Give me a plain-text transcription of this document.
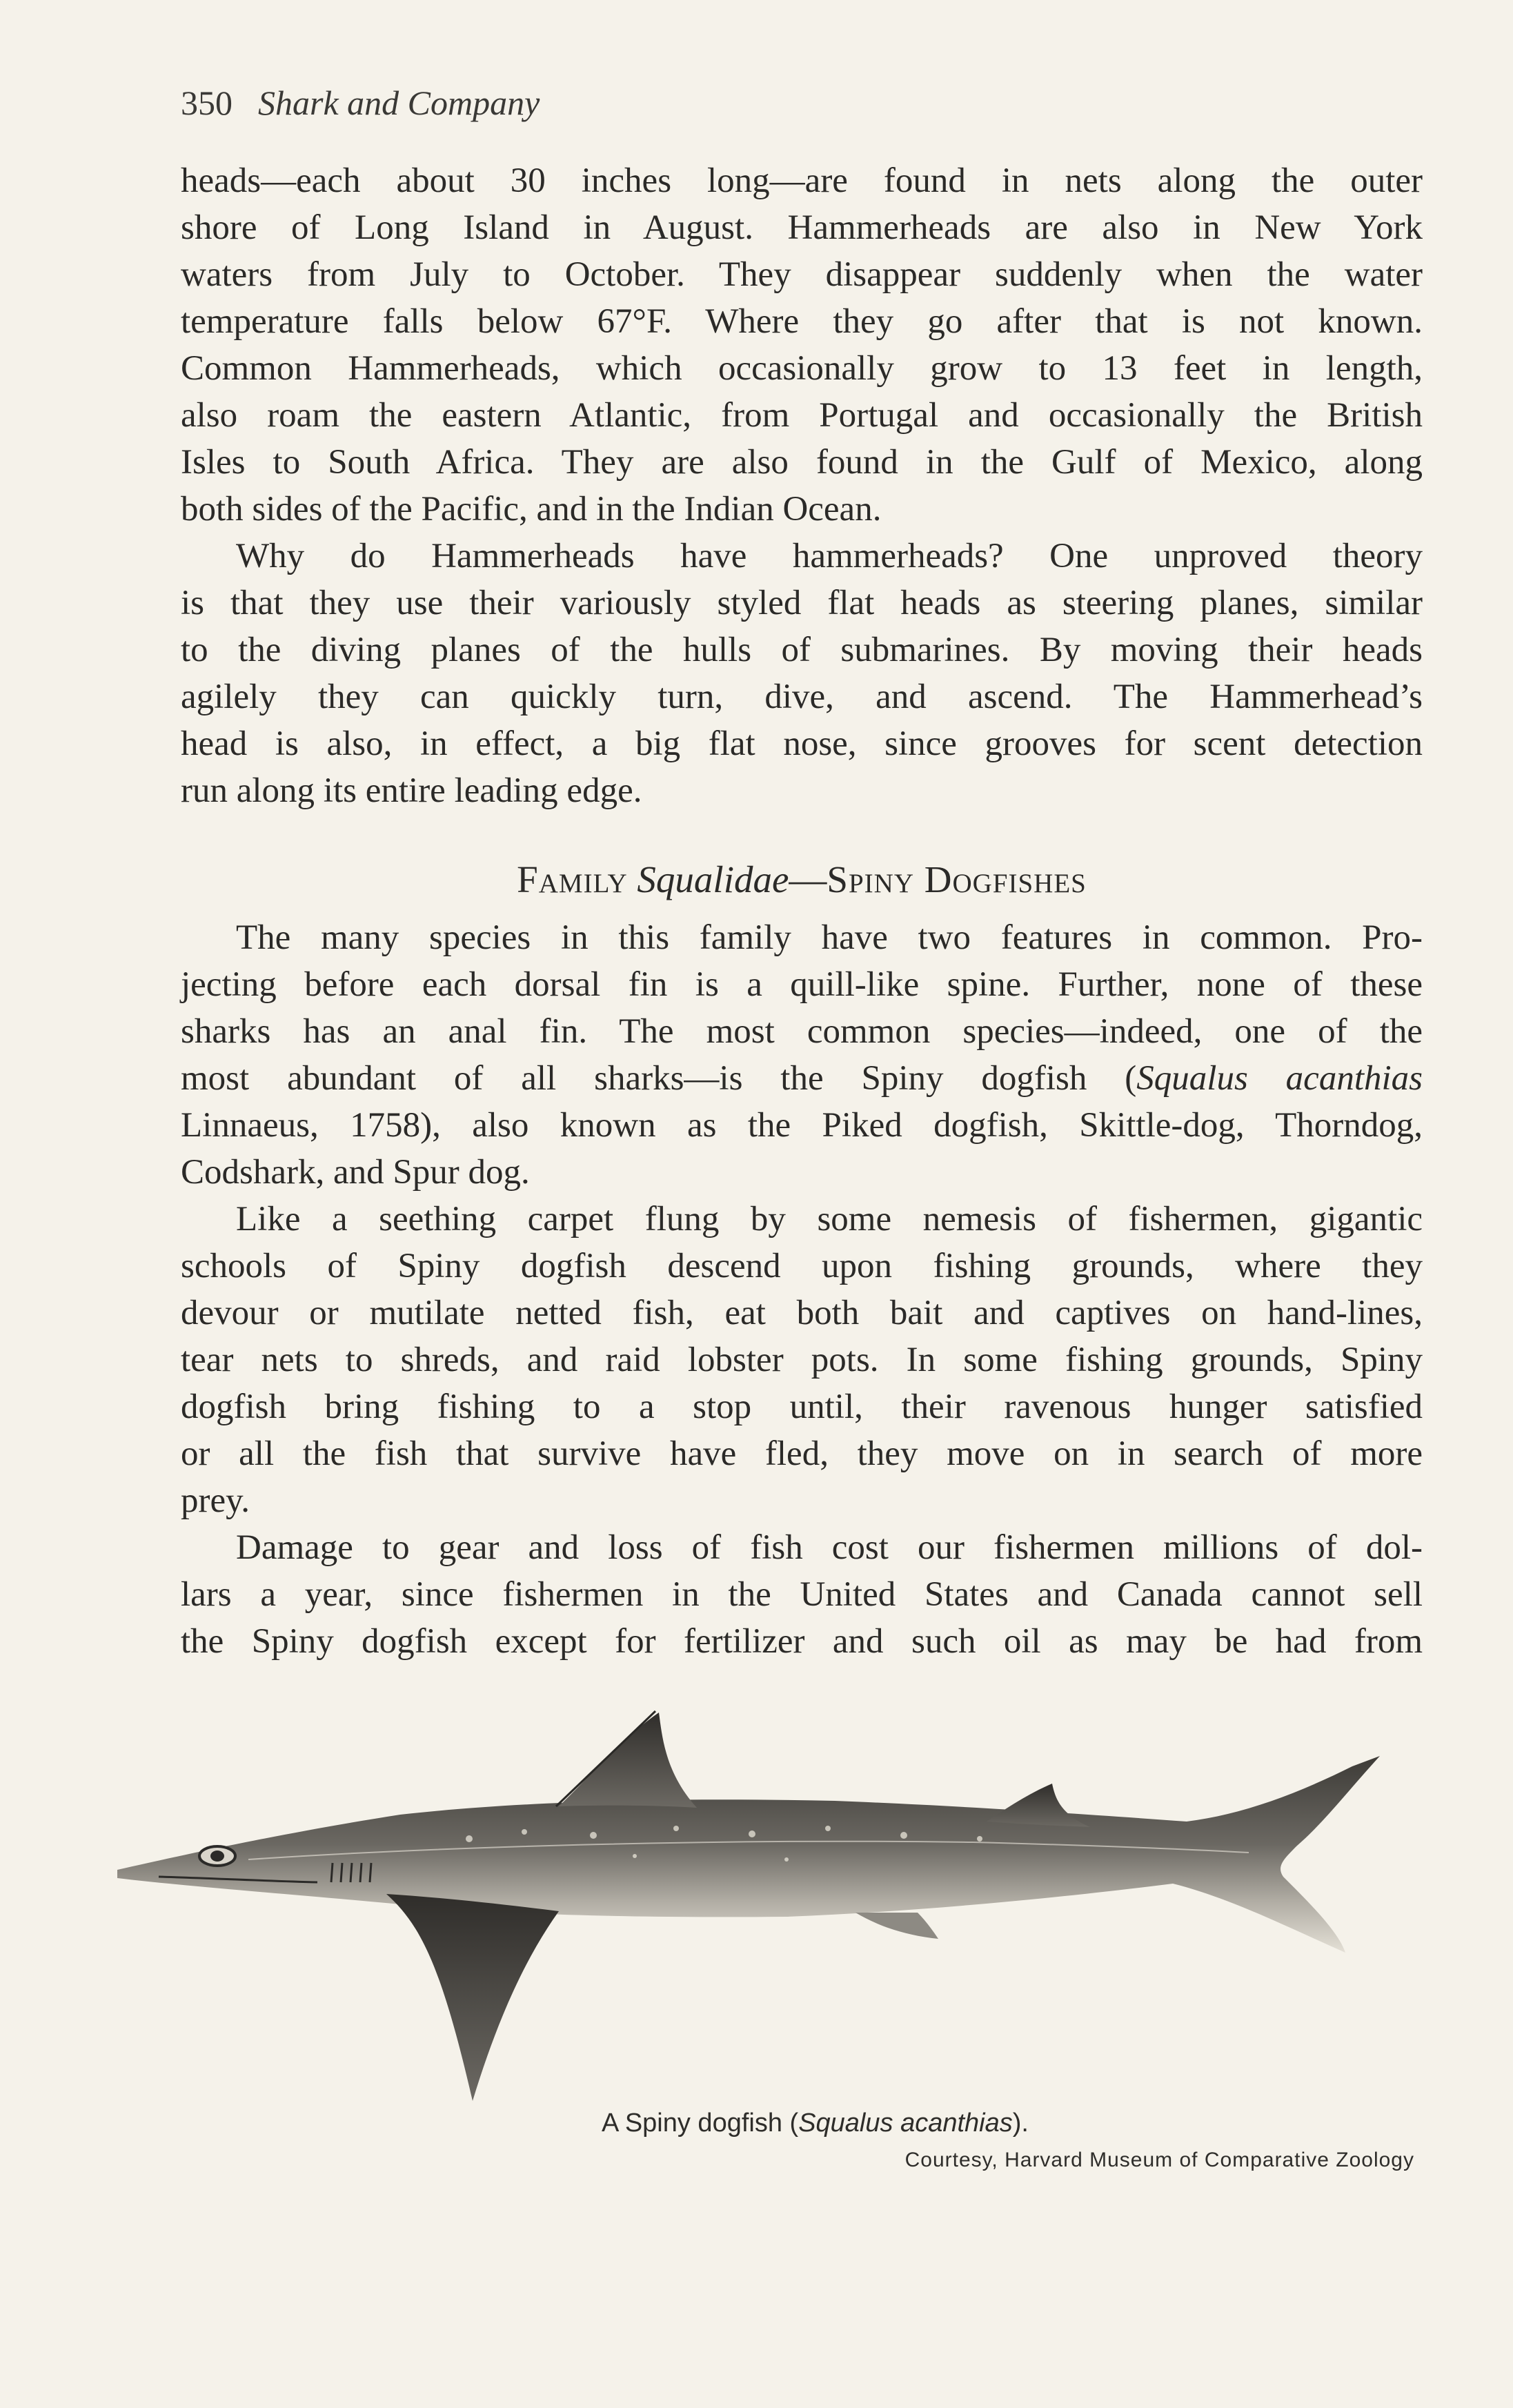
350 Shark and Company
heads—each about 30 inches long—are found in nets along the outer
shore of Long Island in August. Hammerheads are also in New York
waters from July to October. They disappear suddenly when the water
temperature falls below 67°F. Where they go after that is not known.
Common Hammerheads, which occasionally grow to 13 feet in length,
also roam the eastern Atlantic, from Portugal and occasionally the British
Isles to South Africa. They are also found in the Gulf of Mexico, along
both sides of the Pacific, and in the Indian Ocean.
Why do Hammerheads have hammerheads? One unproved theory
is that they use their variously styled flat heads as steering planes, similar
to the diving planes of the hulls of submarines. By moving their heads
agilely they can quickly turn, dive, and ascend. The Hammerhead’s
head is also, in effect, a big flat nose, since grooves for scent detection
run along its entire leading edge.
Family Squalidae—Spiny Dogfishes
The many species in this family have two features in common. Pro-
jecting before each dorsal fin is a quill-like spine. Further, none of these
sharks has an anal fin. The most common species—indeed, one of the
most abundant of all sharks—is the Spiny dogfish (Squalus acanthias
Linnaeus, 1758), also known as the Piked dogfish, Skittle-dog, Thorndog,
Codshark, and Spur dog.
Like a seething carpet flung by some nemesis of fishermen, gigantic
schools of Spiny dogfish descend upon fishing grounds, where they
devour or mutilate netted fish, eat both bait and captives on hand-lines,
tear nets to shreds, and raid lobster pots. In some fishing grounds, Spiny
dogfish bring fishing to a stop until, their ravenous hunger satisfied
or all the fish that survive have fled, they move on in search of more
prey.
Damage to gear and loss of fish cost our fishermen millions of dol-
lars a year, since fishermen in the United States and Canada cannot sell
the Spiny dogfish except for fertilizer and such oil as may be had from
A Spiny dogfish (Squalus acanthias).
Courtesy, Harvard Museum of Comparative Zoology
